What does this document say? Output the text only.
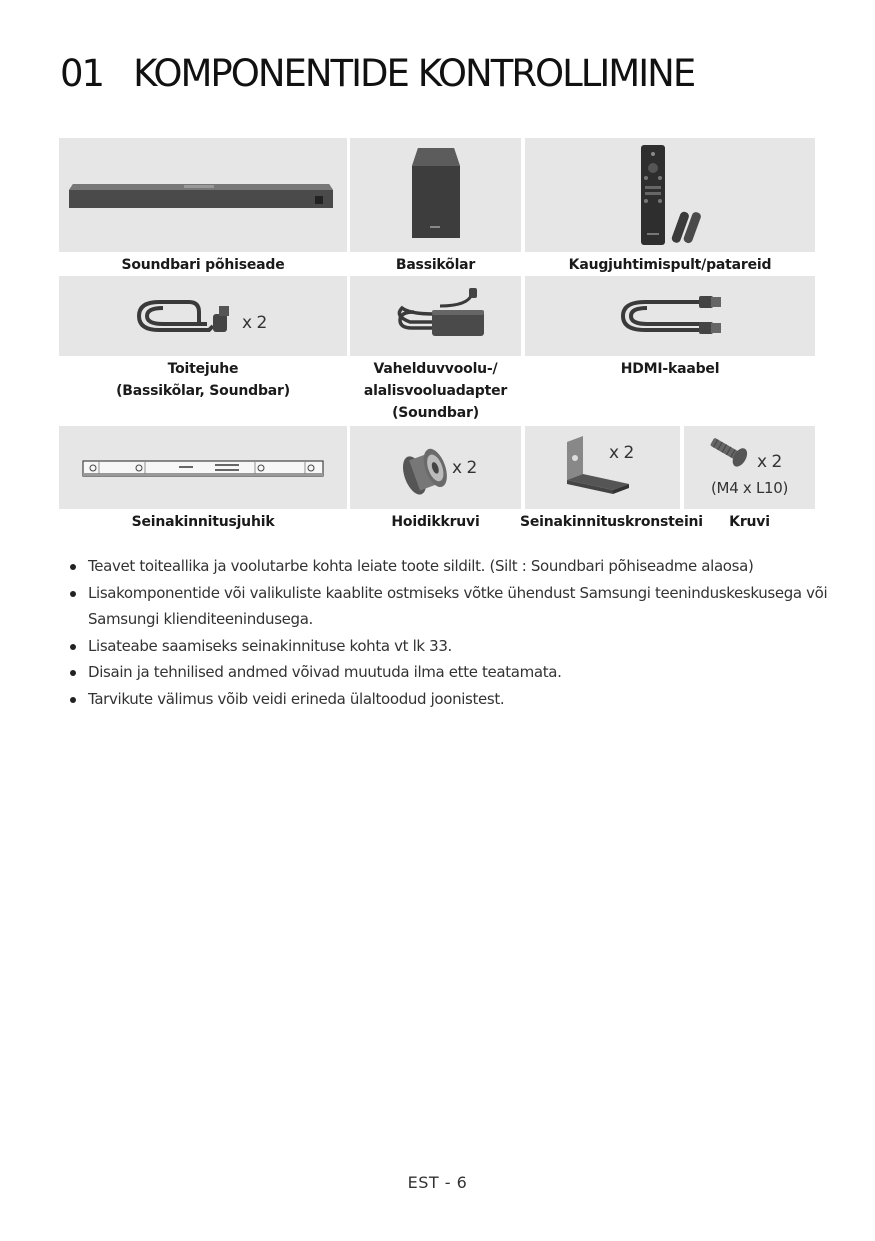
01 KOMPONENTIDE KONTROLLIMINE
Soundbari põhiseade	Bassikõlar	Kaugjuhtimispult/patareid
x 2
Toitejuhe
(Bassikõlar, Soundbar)
Vahelduvvoolu-/
alalisvooluadapter
(Soundbar)
HDMI-kaabel
x 2
x 2	x 2
(M4 x L10)
Seinakinnitusjuhik	Hoidikkruvi	Seinakinnituskronsteini	Kruvi
Teavet toiteallika ja voolutarbe kohta leiate toote sildilt. (Silt : Soundbari põhiseadme alaosa)
Lisakomponentide või valikuliste kaablite ostmiseks võtke ühendust Samsungi teeninduskeskusega või Samsungi klienditeenindusega.
Lisateabe saamiseks seinakinnituse kohta vt lk 33.
Disain ja tehnilised andmed võivad muutuda ilma ette teatamata.
Tarvikute välimus võib veidi erineda ülaltoodud joonistest.
EST - 6
